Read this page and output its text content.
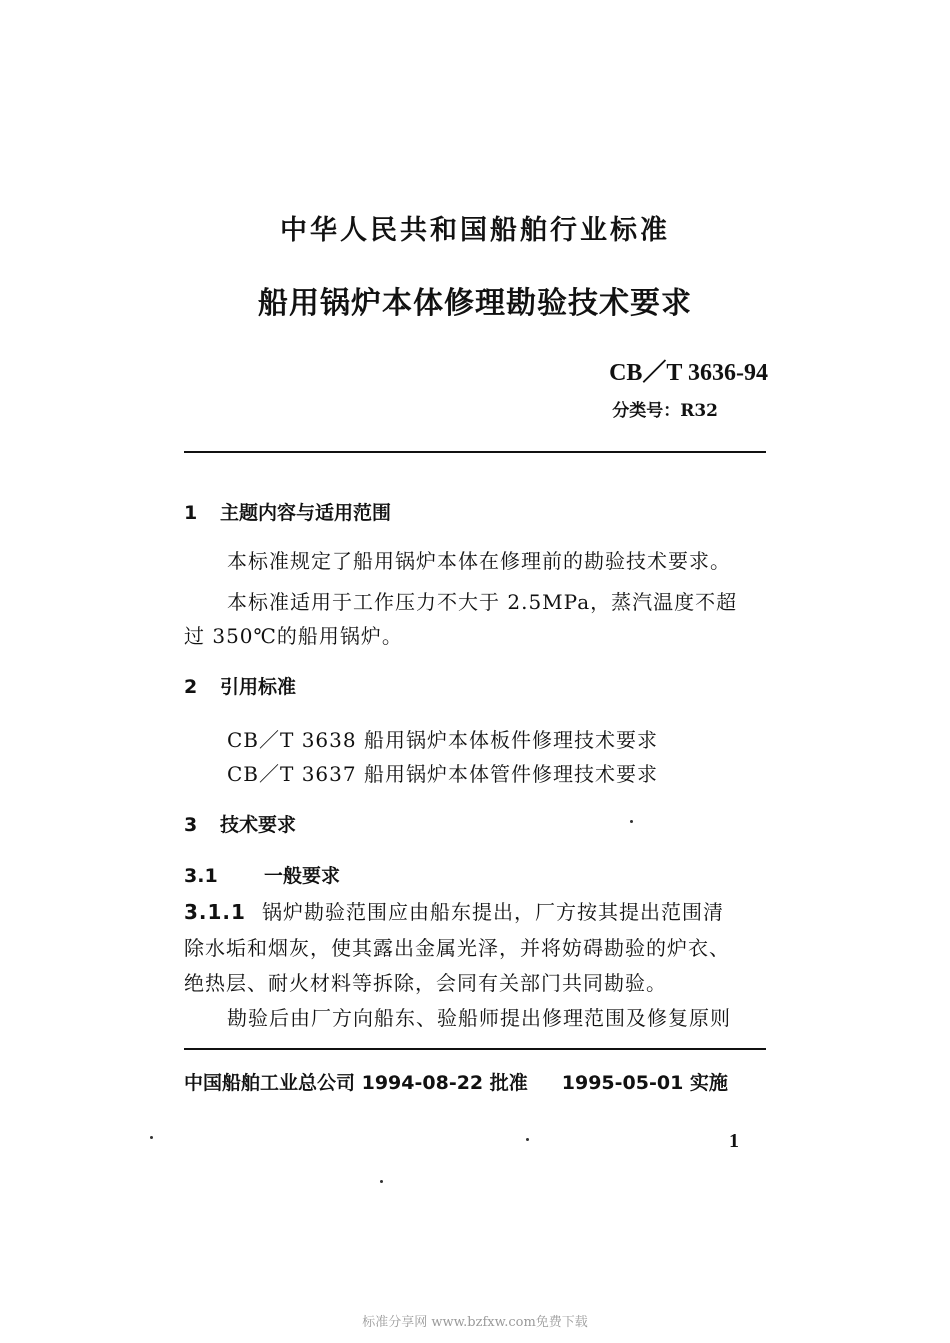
中华人民共和国船舶行业标准
船用锅炉本体修理勘验技术要求
CB／T 3636-94
分类号：R32
1 主题内容与适用范围
本标准规定了船用锅炉本体在修理前的勘验技术要求。
本标准适用于工作压力不大于 2.5MPa，蒸汽温度不超
过 350℃的船用锅炉。
2 引用标准
CB／T 3638 船用锅炉本体板件修理技术要求
CB／T 3637 船用锅炉本体管件修理技术要求
3 技术要求
3.1 一般要求
3.1.1 锅炉勘验范围应由船东提出，厂方按其提出范围清
除水垢和烟灰，使其露出金属光泽，并将妨碍勘验的炉衣、
绝热层、耐火材料等拆除，会同有关部门共同勘验。
勘验后由厂方向船东、验船师提出修理范围及修复原则
中国船舶工业总公司 1994-08-22 批准 1995-05-01 实施
1
标准分享网 www.bzfxw.com免费下载
